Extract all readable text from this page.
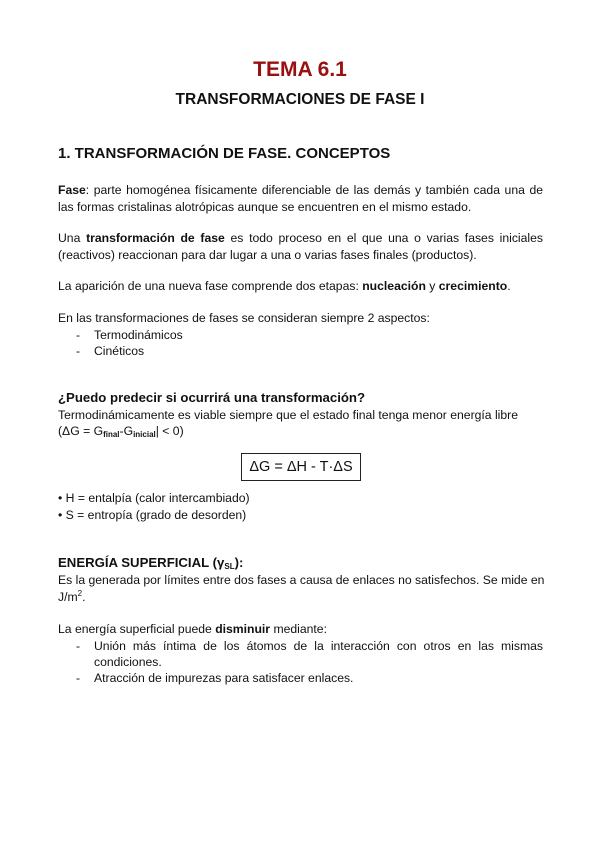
TEMA 6.1
TRANSFORMACIONES DE FASE I
1. TRANSFORMACIÓN DE FASE. CONCEPTOS
Fase: parte homogénea físicamente diferenciable de las demás y también cada una de las formas cristalinas alotrópicas aunque se encuentren en el mismo estado.
Una transformación de fase es todo proceso en el que una o varias fases iniciales (reactivos) reaccionan para dar lugar a una o varias fases finales (productos).
La aparición de una nueva fase comprende dos etapas: nucleación y crecimiento.
En las transformaciones de fases se consideran siempre 2 aspectos:
- Termodinámicos
- Cinéticos
¿Puedo predecir si ocurrirá una transformación?
Termodinámicamente es viable siempre que el estado final tenga menor energía libre
$(\Delta G = G_{final}-G_{inicial}| < 0)$
ΔG = ΔH - T·ΔS
• H = entalpía (calor intercambiado)
• S = entropía (grado de desorden)
ENERGÍA SUPERFICIAL $(\gamma_{SL})$:
Es la generada por límites entre dos fases a causa de enlaces no satisfechos. Se mide en
$J/m^2$.
La energía superficial puede disminuir mediante:
- Unión más íntima de los átomos de la interacción con otros en las mismas condiciones.
- Atracción de impurezas para satisfacer enlaces.
